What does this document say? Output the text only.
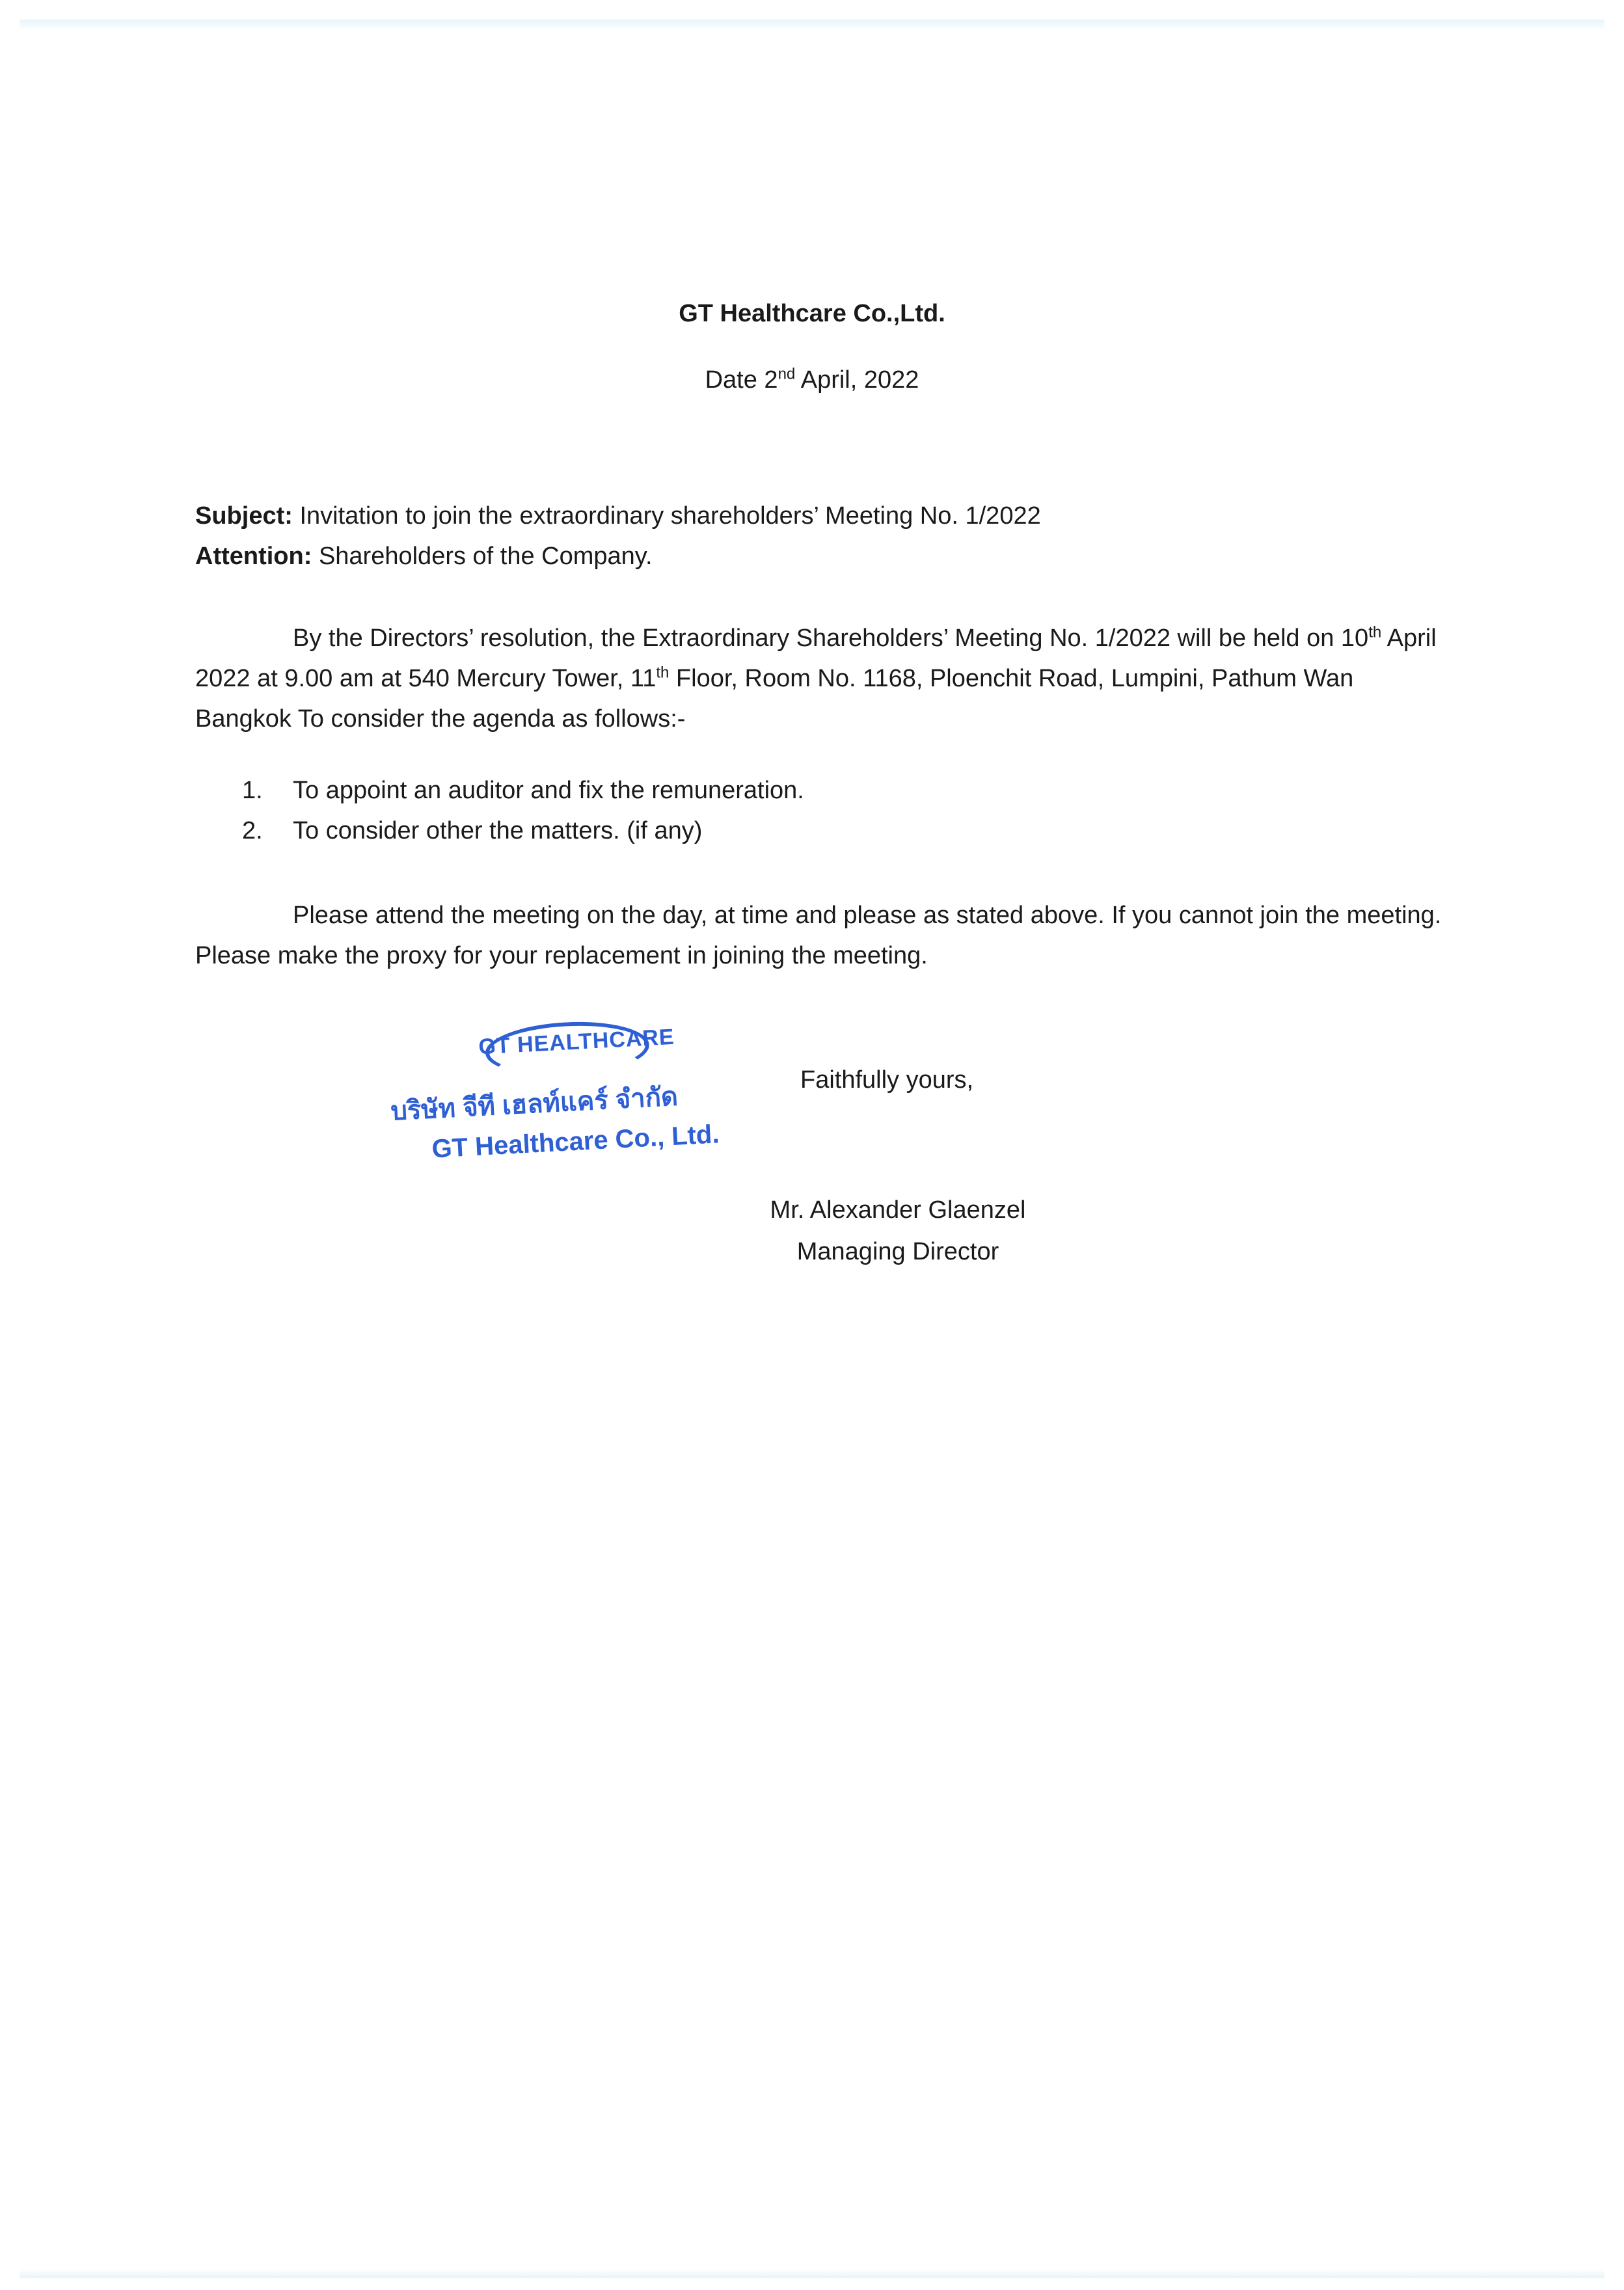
GT Healthcare Co.,Ltd.
Date 2nd April, 2022
Subject: Invitation to join the extraordinary shareholders’ Meeting No. 1/2022
Attention: Shareholders of the Company.

By the Directors’ resolution, the Extraordinary Shareholders’ Meeting No. 1/2022 will be held on 10th April 2022 at 9.00 am at 540 Mercury Tower, 11th Floor, Room No. 1168, Ploenchit Road, Lumpini, Pathum Wan Bangkok To consider the agenda as follows:-

1.	To appoint an auditor and fix the remuneration.
2.	To consider other the matters. (if any)

Please attend the meeting on the day, at time and please as stated above. If you cannot join the meeting. Please make the proxy for your replacement in joining the meeting.

GT HEALTHCARE
บริษัท จีที เฮลท์แคร์ จำกัด
GT Healthcare Co., Ltd.
Faithfully yours,
Mr. Alexander Glaenzel
Managing Director
